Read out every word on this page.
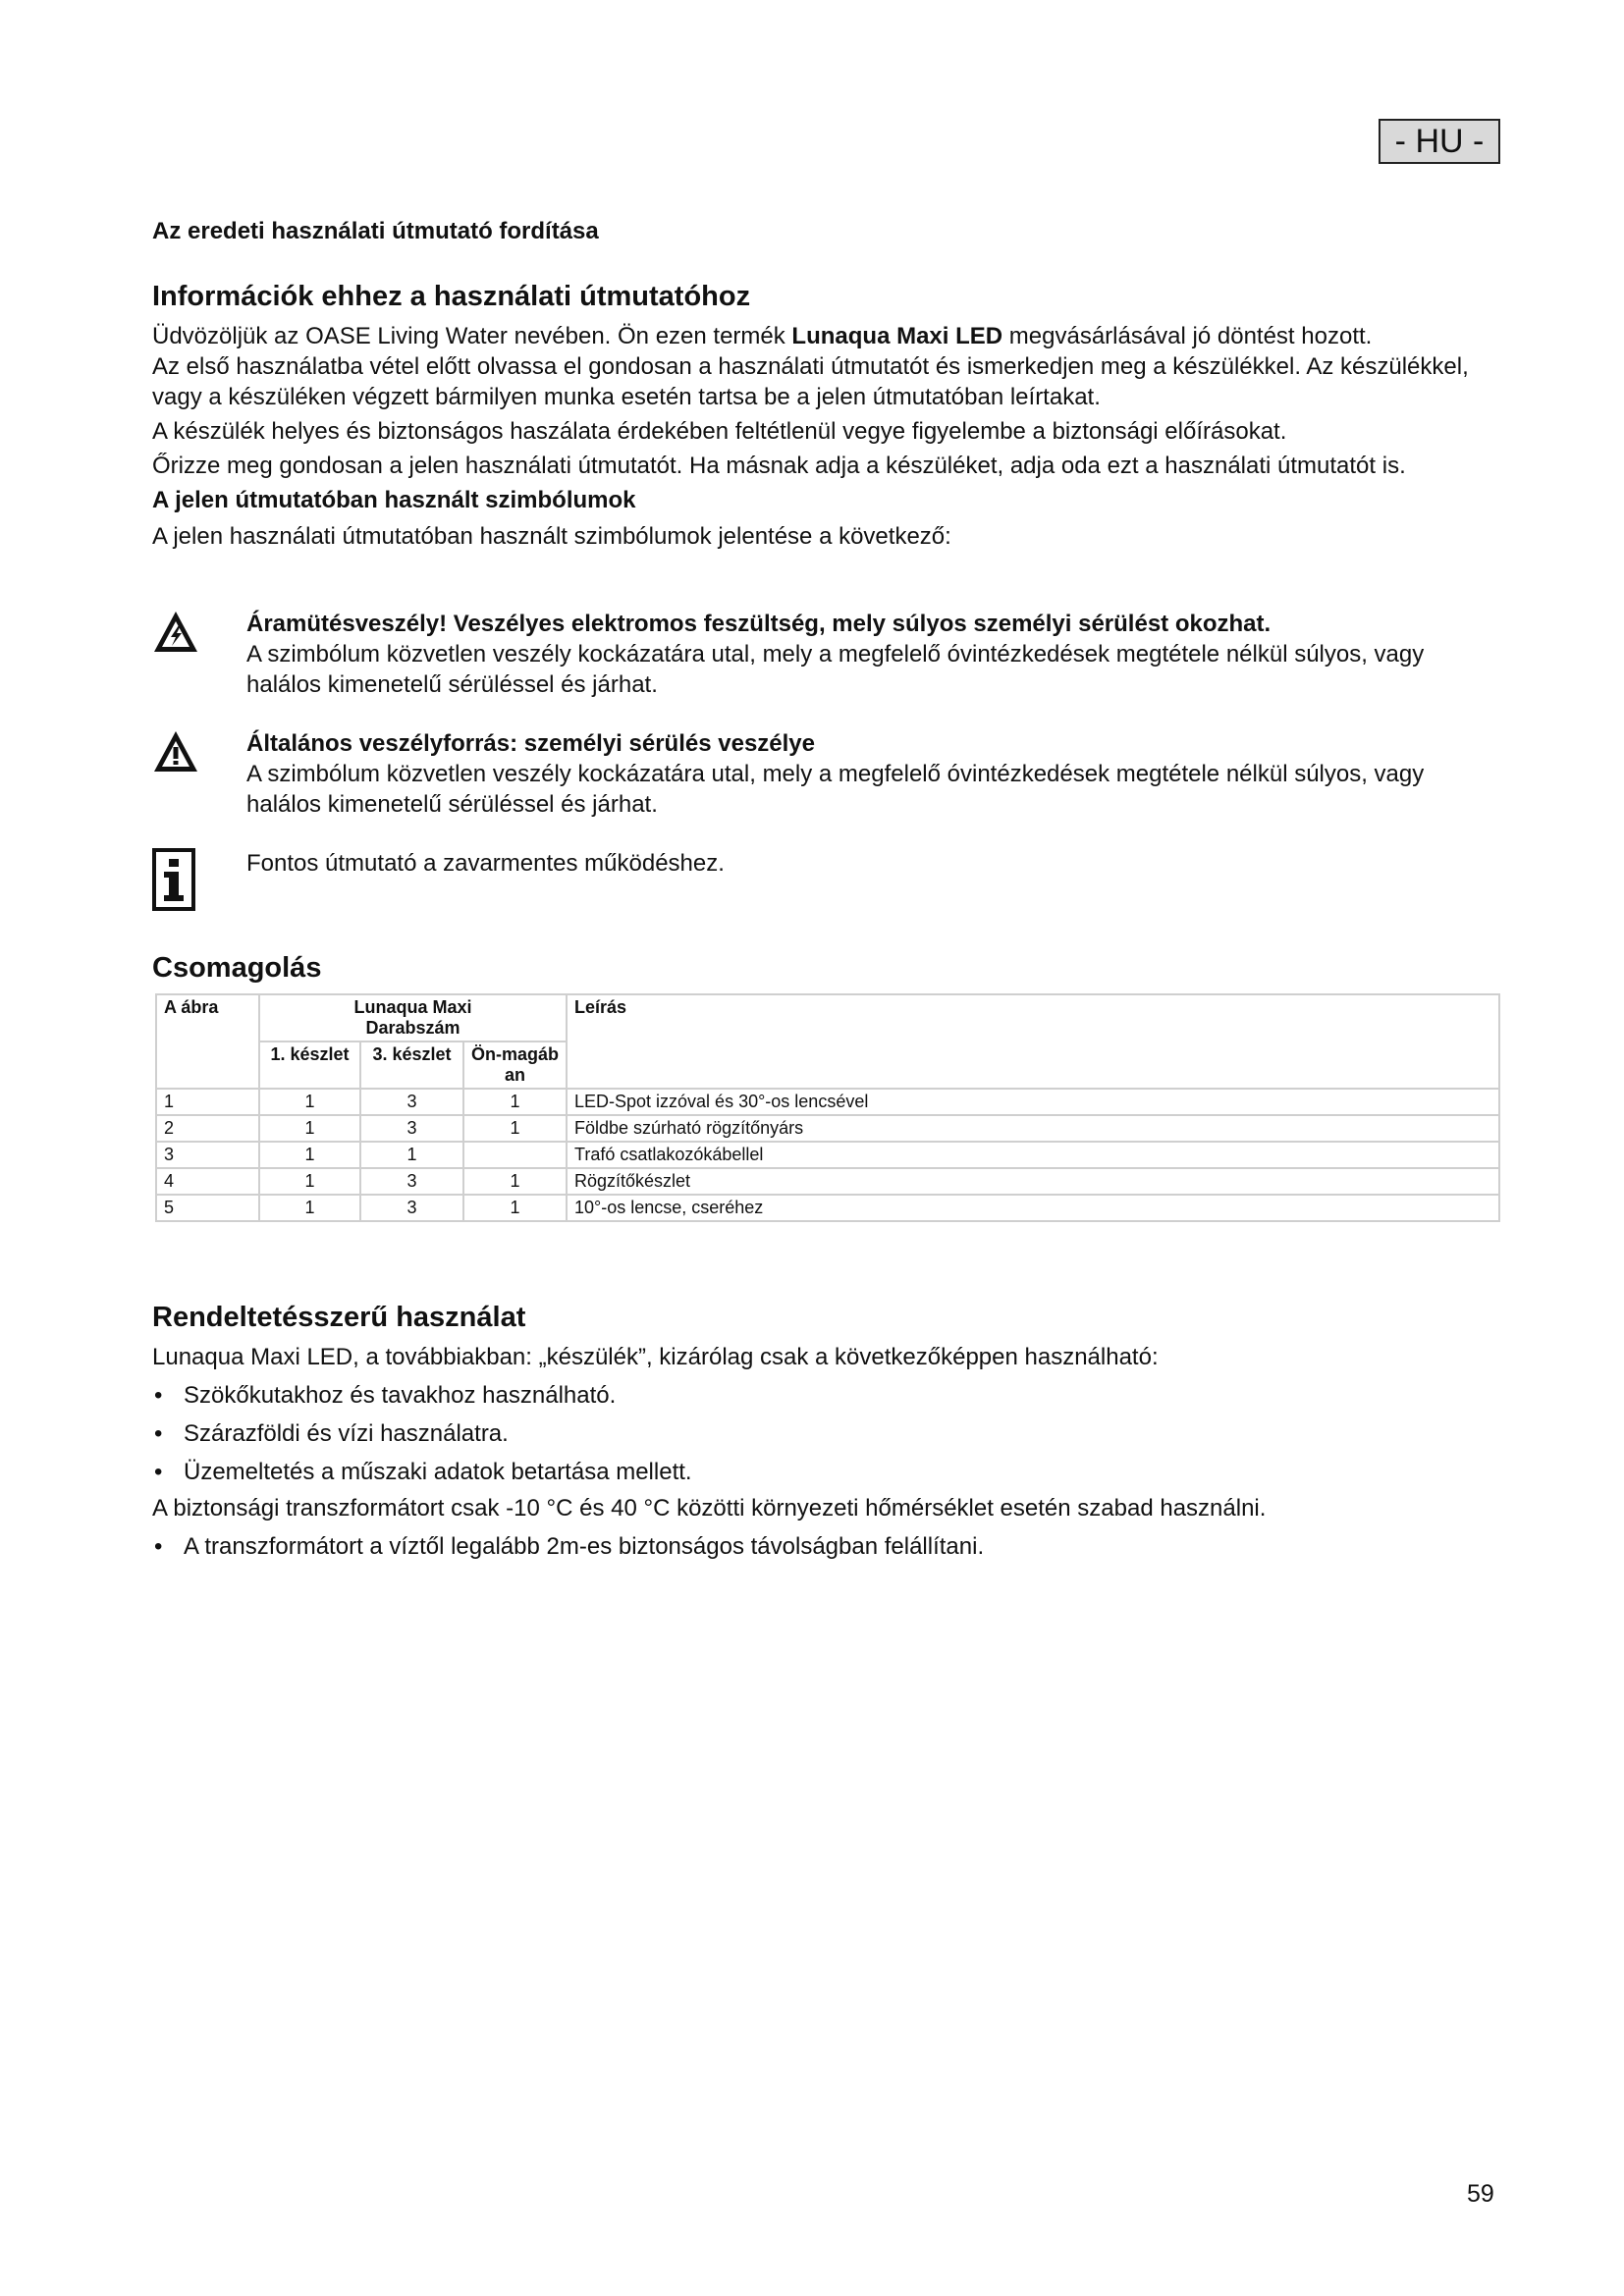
- HU -
Az eredeti használati útmutató fordítása
Információk ehhez a használati útmutatóhoz

Üdvözöljük az OASE Living Water nevében. Ön ezen termék Lunaqua Maxi LED megvásárlásával jó döntést hozott.

Az első használatba vétel előtt olvassa el gondosan a használati útmutatót és ismerkedjen meg a készülékkel. Az készülékkel, vagy a készüléken végzett bármilyen munka esetén tartsa be a jelen útmutatóban leírtakat.

A készülék helyes és biztonságos haszálata érdekében feltétlenül vegye figyelembe a biztonsági előírásokat.

Őrizze meg gondosan a jelen használati útmutatót. Ha másnak adja a készüléket, adja oda ezt a használati útmutatót is.

A jelen útmutatóban használt szimbólumok

A jelen használati útmutatóban használt szimbólumok jelentése a következő:

Áramütésveszély! Veszélyes elektromos feszültség, mely súlyos személyi sérülést okozhat.
A szimbólum közvetlen veszély kockázatára utal, mely a megfelelő óvintézkedések megtétele nélkül súlyos, vagy halálos kimenetelű sérüléssel és járhat.
Általános veszélyforrás: személyi sérülés veszélye
A szimbólum közvetlen veszély kockázatára utal, mely a megfelelő óvintézkedések megtétele nélkül súlyos, vagy halálos kimenetelű sérüléssel és járhat.
Fontos útmutató a zavarmentes működéshez.
Csomagolás
A ábra	Lunaqua Maxi
Darabszám			Leírás
	1. készlet	3. készlet	Ön-magában	
1	1	3	1	LED-Spot izzóval és 30°-os lencsével
2	1	3	1	Földbe szúrható rögzítőnyárs
3	1	1		Trafó csatlakozókábellel
4	1	3	1	Rögzítőkészlet
5	1	3	1	10°-os lencse, cseréhez
Rendeltetésszerű használat

Lunaqua Maxi LED, a továbbiakban: „készülék”, kizárólag csak a következőképpen használható:

• Szökőkutakhoz és tavakhoz használható.
• Szárazföldi és vízi használatra.
• Üzemeltetés a műszaki adatok betartása mellett.

A biztonsági transzformátort csak -10 °C és 40 °C közötti környezeti hőmérséklet esetén szabad használni.

• A transzformátort a víztől legalább 2m-es biztonságos távolságban felállítani.
59
